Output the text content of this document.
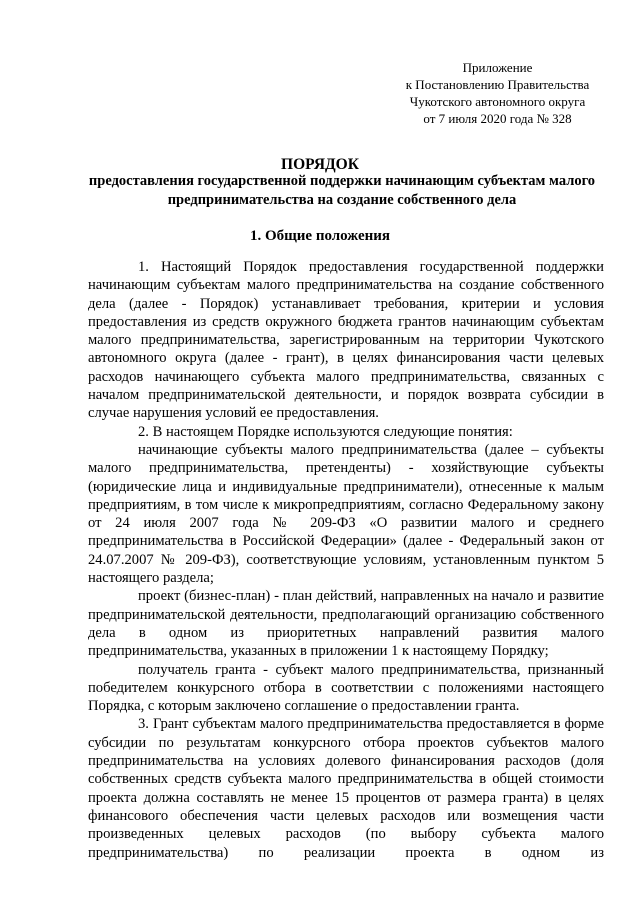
Приложение
к Постановлению Правительства
Чукотского автономного округа
от 7 июля 2020 года № 328
ПОРЯДОК
предоставления государственной поддержки начинающим субъектам малого предпринимательства на создание собственного дела
1. Общие положения

1. Настоящий Порядок предоставления государственной поддержки начинающим субъектам малого предпринимательства на создание собственного дела (далее - Порядок) устанавливает требования, критерии и условия предоставления из средств окружного бюджета грантов начинающим субъектам малого предпринимательства, зарегистрированным на территории Чукотского автономного округа (далее - грант), в целях финансирования части целевых расходов начинающего субъекта малого предпринимательства, связанных с началом предпринимательской деятельности, и порядок возврата субсидии в случае нарушения условий ее предоставления.

2. В настоящем Порядке используются следующие понятия:

начинающие субъекты малого предпринимательства (далее – субъекты малого предпринимательства, претенденты) - хозяйствующие субъекты (юридические лица и индивидуальные предприниматели), отнесенные к малым предприятиям, в том числе к микропредприятиям, согласно Федеральному закону от 24 июля 2007 года № 209-ФЗ «О развитии малого и среднего предпринимательства в Российской Федерации» (далее - Федеральный закон от 24.07.2007 № 209-ФЗ), соответствующие условиям, установленным пунктом 5 настоящего раздела;

проект (бизнес-план) - план действий, направленных на начало и развитие предпринимательской деятельности, предполагающий организацию собственного дела в одном из приоритетных направлений развития малого предпринимательства, указанных в приложении 1 к настоящему Порядку;

получатель гранта - субъект малого предпринимательства, признанный победителем конкурсного отбора в соответствии с положениями настоящего Порядка, с которым заключено соглашение о предоставлении гранта.

3. Грант субъектам малого предпринимательства предоставляется в форме субсидии по результатам конкурсного отбора проектов субъектов малого предпринимательства на условиях долевого финансирования расходов (доля собственных средств субъекта малого предпринимательства в общей стоимости проекта должна составлять не менее 15 процентов от размера гранта) в целях финансового обеспечения части целевых расходов или возмещения части произведенных целевых расходов (по выбору субъекта малого предпринимательства) по реализации проекта в одном из
